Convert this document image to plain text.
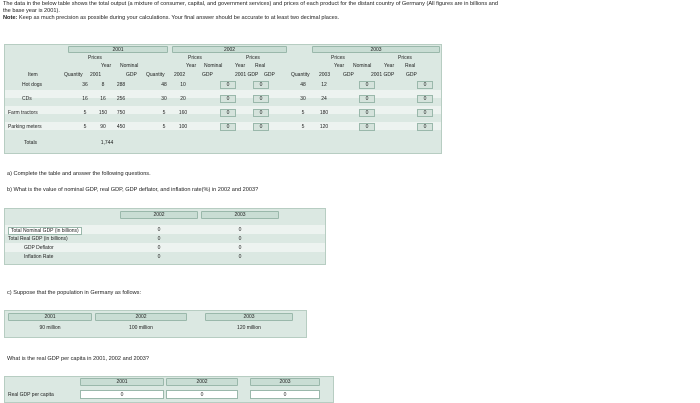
The data in the below table shows the total output (a mixture of consumer, capital, and government services) and prices of each product for the distant country of Germany (All figures are in billions and
the base year is 2001).
Note: Keep as much precision as possible during your calculations. Your final answer should be accurate to at least two decimal places.
2001	2002	2003
Prices	Prices	Prices	Prices	Prices
Year Nominal	Year Nominal	Year Real	Year Nominal	Year Real
Item	Quantity 2001	GDP Quantity 2002	GDP	2001 GDP GDP	Quantity 2003	GDP	2001 GDP GDP
Hot dogs	36	8	288	48	10	0	0	48	12	0	0
CDs	16	16	256	30	20	0	0	30	24	0	0
Farm tractors	5	150	750	5	160	0	0	5	180	0	0
Parking meters	5	90	450	5	100	0	0	5	120	0	0
Totals	1,744
a) Complete the table and answer the following questions.
b) What is the value of nominal GDP, real GDP, GDP deflator, and inflation rate(%) in 2002 and 2003?
2002	2003
Total Nominal GDP (in billions)	0	0
Total Real GDP (in billions)	0	0
GDP Deflator	0	0
Inflation Rate	0	0
c) Suppose that the population in Germany as follows:
2001	2002	2003
90 million	100 million	120 million
What is the real GDP per capita in 2001, 2002 and 2003?
2001	2002	2003
Real GDP per capita	0	0	0
